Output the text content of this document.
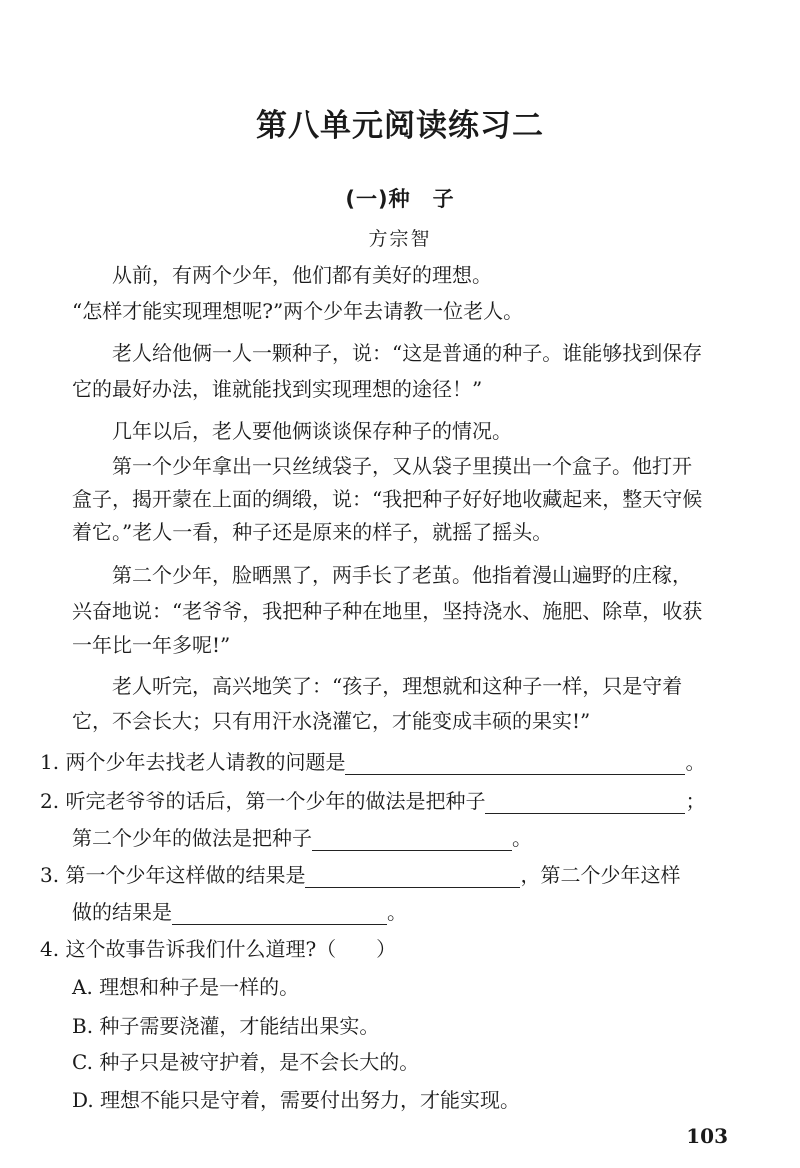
第八单元阅读练习二
(一)种　子
方宗智
从前，有两个少年，他们都有美好的理想。
“怎样才能实现理想呢?”两个少年去请教一位老人。
老人给他俩一人一颗种子，说：“这是普通的种子。谁能够找到保存
它的最好办法，谁就能找到实现理想的途径！”
几年以后，老人要他俩谈谈保存种子的情况。
第一个少年拿出一只丝绒袋子，又从袋子里摸出一个盒子。他打开
盒子，揭开蒙在上面的绸缎，说：“我把种子好好地收藏起来，整天守候
着它。”老人一看，种子还是原来的样子，就摇了摇头。
第二个少年，脸晒黑了，两手长了老茧。他指着漫山遍野的庄稼，
兴奋地说：“老爷爷，我把种子种在地里，坚持浇水、施肥、除草，收获
一年比一年多呢!”
老人听完，高兴地笑了：“孩子，理想就和这种子一样，只是守着
它，不会长大；只有用汗水浇灌它，才能变成丰硕的果实!”
1. 两个少年去找老人请教的问题是	。
2. 听完老爷爷的话后，第一个少年的做法是把种子	；
第二个少年的做法是把种子	。
3. 第一个少年这样做的结果是	，第二个少年这样
做的结果是	。
4. 这个故事告诉我们什么道理?（　　）
A. 理想和种子是一样的。
B. 种子需要浇灌，才能结出果实。
C. 种子只是被守护着，是不会长大的。
D. 理想不能只是守着，需要付出努力，才能实现。
103
